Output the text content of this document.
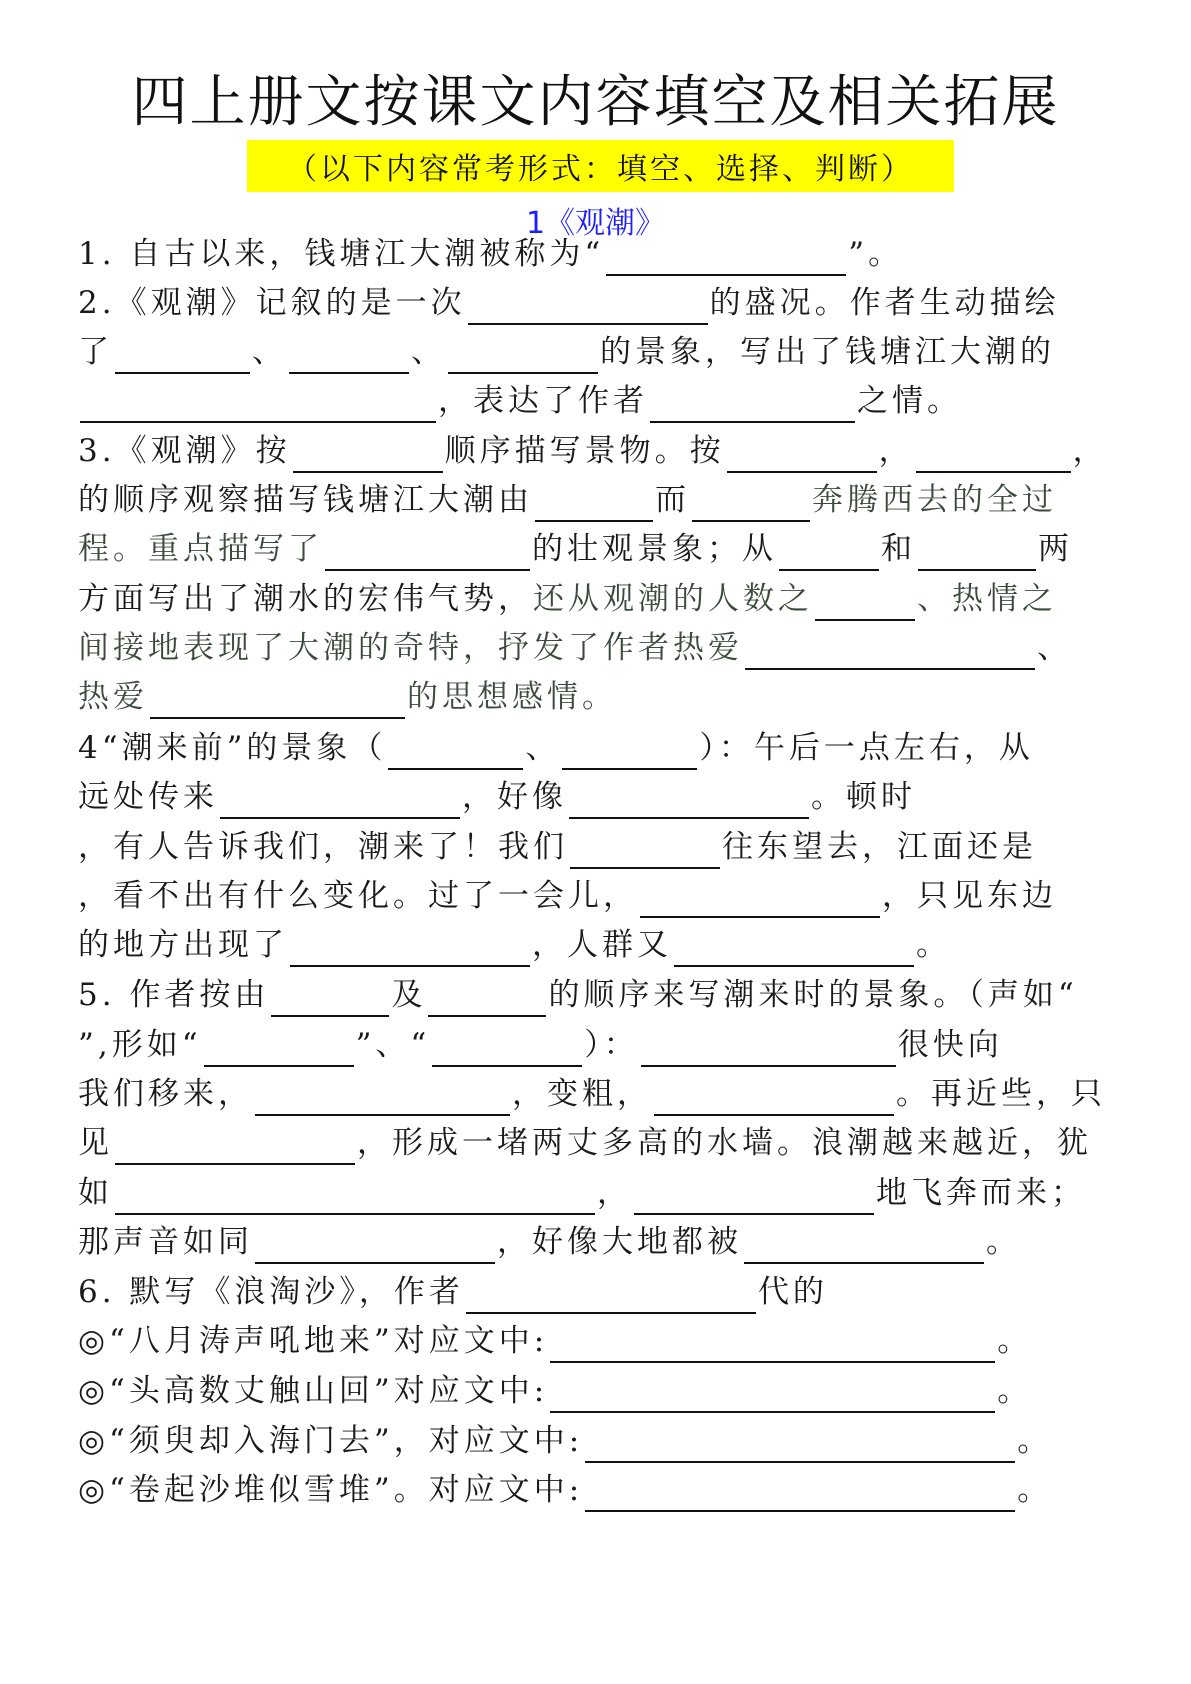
四上册文按课文内容填空及相关拓展
（以下内容常考形式：填空、选择、判断）
1《观潮》
1. 自古以来，钱塘江大潮被称为“	”。
2.《观潮》记叙的是一次	的盛况。作者生动描绘
了	、	、	的景象，写出了钱塘江大潮的
，表达了作者	之情。
3.《观潮》按	顺序描写景物。按	，	，
的顺序观察描写钱塘江大潮由	而	奔腾西去的全过
程。重点描写了	的壮观景象；从	和	两
方面写出了潮水的宏伟气势， 还从观潮的人数之	、热情之
间接地表现了大潮的奇特，抒发了作者热爱	、
热爱	的思想感情。
4“潮来前”的景象（	、	）：午后一点左右，从
远处传来	，好像	。顿时
，有人告诉我们，潮来了！我们	往东望去，江面还是
，看不出有什么变化。过了一会儿，	，只见东边
的地方出现了	，人群又	。
5. 作者按由	及	的顺序来写潮来时的景象。（声如“
”,形如“	”、“	）：	很快向
我们移来，	，变粗，	。再近些，只
见	，形成一堵两丈多高的水墙。浪潮越来越近，犹
如	，	地飞奔而来；
那声音如同	，好像大地都被	。
6. 默写《浪淘沙》，作者	代的
◎“八月涛声吼地来”对应文中:	。
◎“头高数丈触山回”对应文中:	。
◎“须臾却入海门去”，对应文中:	。
◎“卷起沙堆似雪堆”。对应文中:	。
